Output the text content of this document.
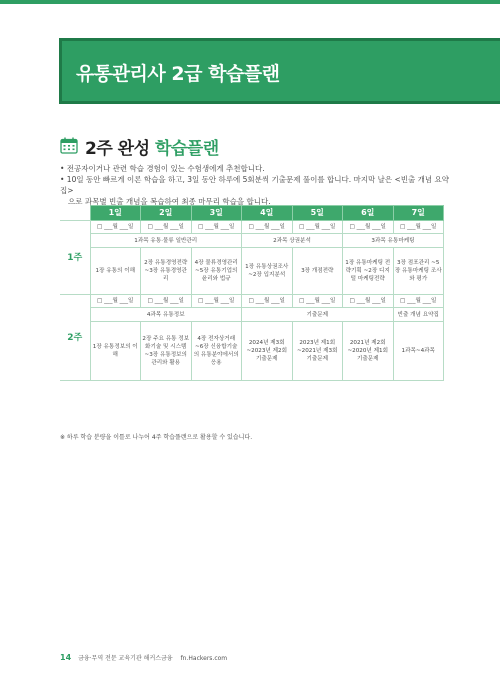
유통관리사 2급 학습플랜
2주 완성 학습플랜

• 전공자이거나 관련 학습 경험이 있는 수험생에게 추천합니다.

• 10일 동안 빠르게 이론 학습을 하고, 3일 동안 하루에 5회분씩 기출문제 풀이를 합니다. 마지막 날은 <빈출 개념 요약집>

으로 과목별 빈출 개념을 복습하여 최종 마무리 학습을 합니다.

	1일	2일	3일	4일	5일	6일	7일
1주	□ ___월 ___일	□ ___월 ___일	□ ___월 ___일	□ ___월 ___일	□ ___월 ___일	□ ___월 ___일	□ ___월 ___일
	1과목 유통·물류 일반관리			2과목 상권분석		3과목 유통마케팅	
	1장 유통의 이해	2장 유통경영전략 ~3장 유통경영관리	4장 물류경영관리 ~5장 유통기업의 윤리와 법규	1장 유통상권조사 ~2장 입지분석	3장 개점전략	1장 유통마케팅 전략기획 ~2장 디지털 마케팅전략	3장 점포관리 ~5장 유통마케팅 조사와 평가
2주	□ ___월 ___일	□ ___월 ___일	□ ___월 ___일	□ ___월 ___일	□ ___월 ___일	□ ___월 ___일	□ ___월 ___일
	4과목 유통정보			기출문제			빈출 개념 요약집
	1장 유통정보의 이해	2장 주요 유통 정보화기술 및 시스템 ~3장 유통정보의 관리와 활용	4장 전자상거래 ~6장 신융합기술의 유통분야에서의 응용	2024년 제3회 ~2023년 제2회 기출문제	2023년 제1회 ~2021년 제3회 기출문제	2021년 제2회 ~2020년 제1회 기출문제	1과목~4과목
※ 하루 학습 분량을 이틀로 나누어 4주 학습플랜으로 활용할 수 있습니다.
14 금융·무역 전문 교육기관 해커스금융 fn.Hackers.com
